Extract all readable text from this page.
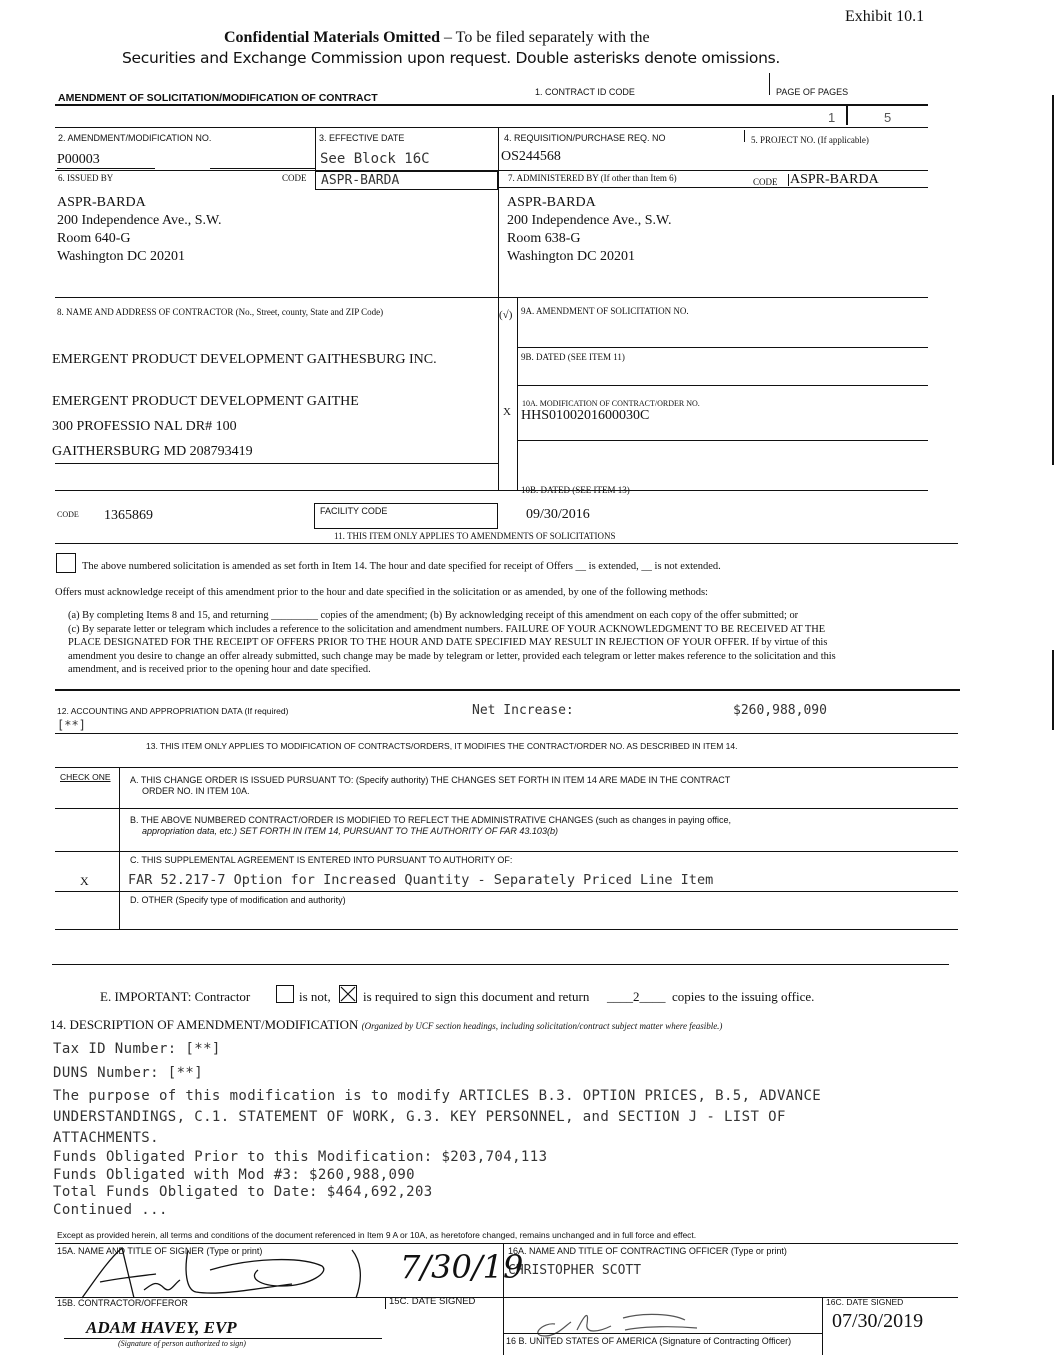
Exhibit 10.1
Confidential Materials Omitted – To be filed separately with the
Securities and Exchange Commission upon request. Double asterisks denote omissions.
AMENDMENT OF SOLICITATION/MODIFICATION OF CONTRACT	1. CONTRACT ID CODE	PAGE OF PAGES
1	5
2. AMENDMENT/MODIFICATION NO.	3. EFFECTIVE DATE	4. REQUISITION/PURCHASE REQ. NO	5. PROJECT NO. (If applicable)
P00003	See Block 16C	OS244568
6. ISSUED BY	CODE ASPR-BARDA	7. ADMINISTERED BY (If other than Item 6)	CODE ASPR-BARDA
ASPR-BARDA
200 Independence Ave., S.W.
Room 640-G
Washington DC 20201
ASPR-BARDA
200 Independence Ave., S.W.
Room 638-G
Washington DC 20201
8. NAME AND ADDRESS OF CONTRACTOR (No., Street, county, State and ZIP Code)	(√) 9A. AMENDMENT OF SOLICITATION NO.
9B. DATED (SEE ITEM 11)
X
10A. MODIFICATION OF CONTRACT/ORDER NO.
HHS0100201600030C
10B. DATED (SEE ITEM 13)
EMERGENT PRODUCT DEVELOPMENT GAITHESBURG INC.
EMERGENT PRODUCT DEVELOPMENT GAITHE
300 PROFESSIO NAL DR# 100
GAITHERSBURG MD 208793419
CODE 1365869	FACILITY CODE	09/30/2016
11. THIS ITEM ONLY APPLIES TO AMENDMENTS OF SOLICITATIONS
The above numbered solicitation is amended as set forth in Item 14. The hour and date specified for receipt of Offers __ is extended, __ is not extended.
Offers must acknowledge receipt of this amendment prior to the hour and date specified in the solicitation or as amended, by one of the following methods:
(a) By completing Items 8 and 15, and returning _________ copies of the amendment; (b) By acknowledging receipt of this amendment on each copy of the offer submitted; or
(c) By separate letter or telegram which includes a reference to the solicitation and amendment numbers. FAILURE OF YOUR ACKNOWLEDGMENT TO BE RECEIVED AT THE
PLACE DESIGNATED FOR THE RECEIPT OF OFFERS PRIOR TO THE HOUR AND DATE SPECIFIED MAY RESULT IN REJECTION OF YOUR OFFER. If by virtue of this
amendment you desire to change an offer already submitted, such change may be made by telegram or letter, provided each telegram or letter makes reference to the solicitation and this
amendment, and is received prior to the opening hour and date specified.
12. ACCOUNTING AND APPROPRIATION DATA (If required)
[**]
Net Increase:	$260,988,090
13. THIS ITEM ONLY APPLIES TO MODIFICATION OF CONTRACTS/ORDERS, IT MODIFIES THE CONTRACT/ORDER NO. AS DESCRIBED IN ITEM 14.
CHECK ONE A. THIS CHANGE ORDER IS ISSUED PURSUANT TO: (Specify authority) THE CHANGES SET FORTH IN ITEM 14 ARE MADE IN THE CONTRACT
ORDER NO. IN ITEM 10A.
B. THE ABOVE NUMBERED CONTRACT/ORDER IS MODIFIED TO REFLECT THE ADMINISTRATIVE CHANGES (such as changes in paying office,
appropriation data, etc.) SET FORTH IN ITEM 14, PURSUANT TO THE AUTHORITY OF FAR 43.103(b)
C. THIS SUPPLEMENTAL AGREEMENT IS ENTERED INTO PURSUANT TO AUTHORITY OF:
X	FAR 52.217-7 Option for Increased Quantity - Separately Priced Line Item
D. OTHER (Specify type of modification and authority)
E. IMPORTANT: Contractor	is not, is required to sign this document and return ____2____ copies to the issuing office.
14. DESCRIPTION OF AMENDMENT/MODIFICATION (Organized by UCF section headings, including solicitation/contract subject matter where feasible.)
Tax ID Number: [**]
DUNS Number: [**]
The purpose of this modification is to modify ARTICLES B.3. OPTION PRICES, B.5, ADVANCE
UNDERSTANDINGS, C.1. STATEMENT OF WORK, G.3. KEY PERSONNEL, and SECTION J - LIST OF
ATTACHMENTS.
Funds Obligated Prior to this Modification: $203,704,113
Funds Obligated with Mod #3: $260,988,090
Total Funds Obligated to Date: $464,692,203
Continued ...
Except as provided herein, all terms and conditions of the document referenced in Item 9 A or 10A, as heretofore changed, remains unchanged and in full force and effect.
15A. NAME AND TITLE OF SIGNER (Type or print)	16A. NAME AND TITLE OF CONTRACTING OFFICER (Type or print)
CHRISTOPHER SCOTT
7/30/19
15B. CONTRACTOR/OFFEROR	15C. DATE SIGNED	16C. DATE SIGNED
07/30/2019
ADAM HAVEY, EVP
(Signature of person authorized to sign)	16 B. UNITED STATES OF AMERICA (Signature of Contracting Officer)
